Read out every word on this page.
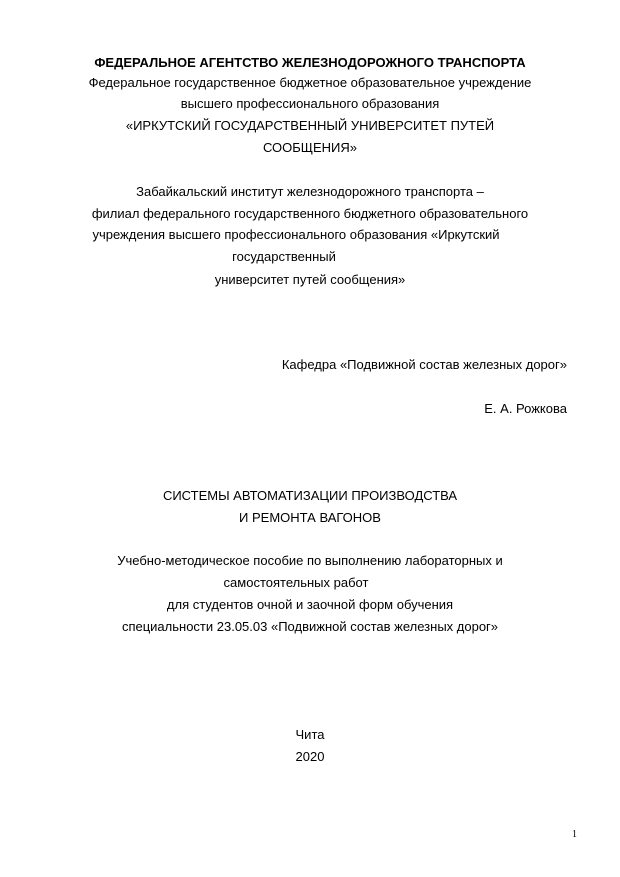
ФЕДЕРАЛЬНОЕ АГЕНТСТВО ЖЕЛЕЗНОДОРОЖНОГО ТРАНСПОРТА
Федеральное государственное бюджетное образовательное учреждение
высшего профессионального образования
«ИРКУТСКИЙ ГОСУДАРСТВЕННЫЙ УНИВЕРСИТЕТ ПУТЕЙ
СООБЩЕНИЯ»
Забайкальский институт железнодорожного транспорта –
филиал федерального государственного бюджетного образовательного
учреждения высшего профессионального образования «Иркутский
государственный
университет путей сообщения»
Кафедра «Подвижной состав железных дорог»
Е. А. Рожкова
СИСТЕМЫ АВТОМАТИЗАЦИИ ПРОИЗВОДСТВА
И РЕМОНТА ВАГОНОВ
Учебно-методическое пособие по выполнению лабораторных и
самостоятельных работ
для студентов очной и заочной форм обучения
специальности 23.05.03 «Подвижной состав железных дорог»
Чита
2020
1
